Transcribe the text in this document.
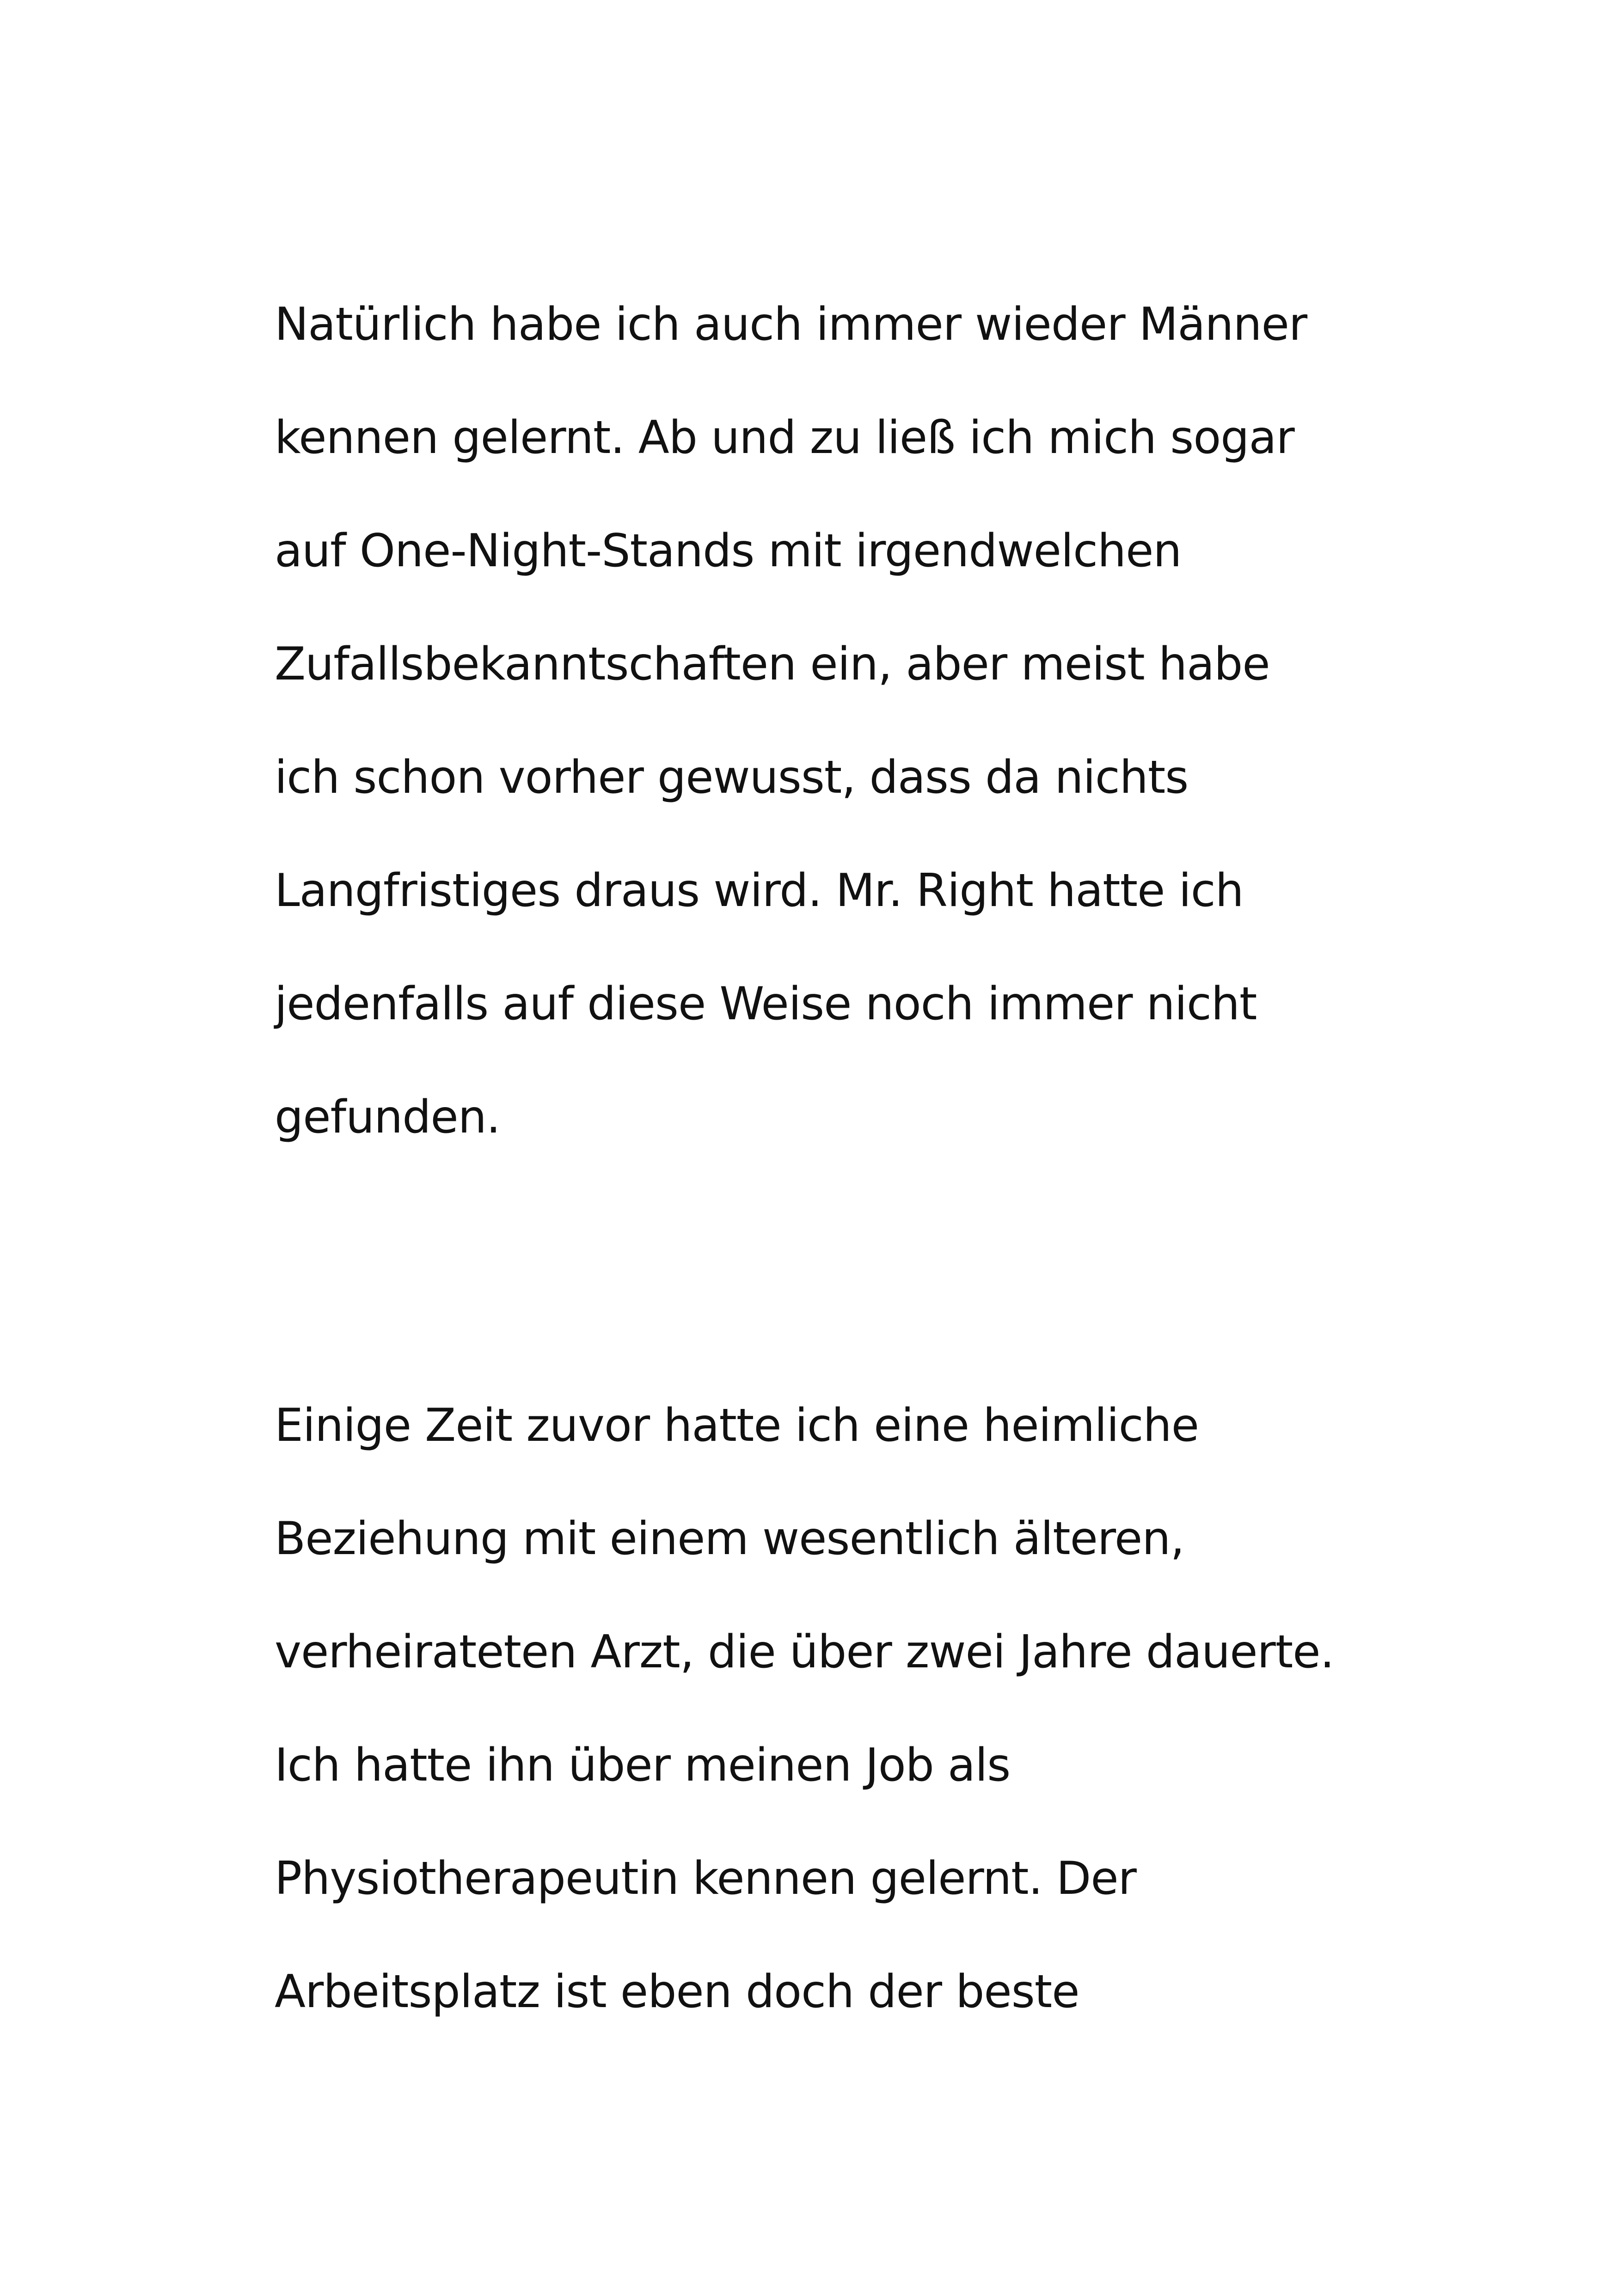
Natürlich habe ich auch immer wieder Männer
kennen gelernt. Ab und zu ließ ich mich sogar
auf One-Night-Stands mit irgendwelchen
Zufallsbekanntschaften ein, aber meist habe
ich schon vorher gewusst, dass da nichts
Langfristiges draus wird. Mr. Right hatte ich
jedenfalls auf diese Weise noch immer nicht
gefunden.
Einige Zeit zuvor hatte ich eine heimliche
Beziehung mit einem wesentlich älteren,
verheirateten Arzt, die über zwei Jahre dauerte.
Ich hatte ihn über meinen Job als
Physiotherapeutin kennen gelernt. Der
Arbeitsplatz ist eben doch der beste
